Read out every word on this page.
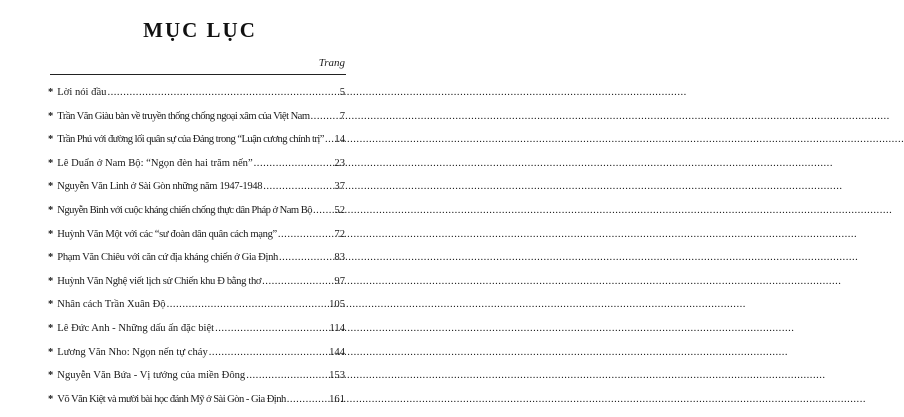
MỤC LỤC
Trang
* Lời nói đầu .....	5
* Trần Văn Giàu bàn về truyền thống chống ngoại xâm của Việt Nam .....	7
* Trần Phú với đường lối quân sự của Đảng trong “Luận cương chính trị” ..... 14
* Lê Duẩn ở Nam Bộ: “Ngọn đèn hai trăm nến” .....	23
* Nguyễn Văn Linh ở Sài Gòn những năm 1947-1948 .....	37
* Nguyễn Bình với cuộc kháng chiến chống thực dân Pháp ở Nam Bộ ..... 52
* Huỳnh Văn Một với các “sư đoàn dân quân cách mạng” .....	72
* Phạm Văn Chiêu với căn cứ địa kháng chiến ở Gia Định .....	83
* Huỳnh Văn Nghệ viết lịch sử Chiến khu Đ bằng thơ .....	97
* Nhân cách Trần Xuân Độ .....	105
* Lê Đức Anh - Những dấu ấn đặc biệt .....	114
* Lương Văn Nho: Ngọn nến tự cháy .....	144
* Nguyễn Văn Bứa - Vị tướng của miền Đông .....	153
* Võ Văn Kiệt và mười bài học đánh Mỹ ở Sài Gòn - Gia Định .....	161
